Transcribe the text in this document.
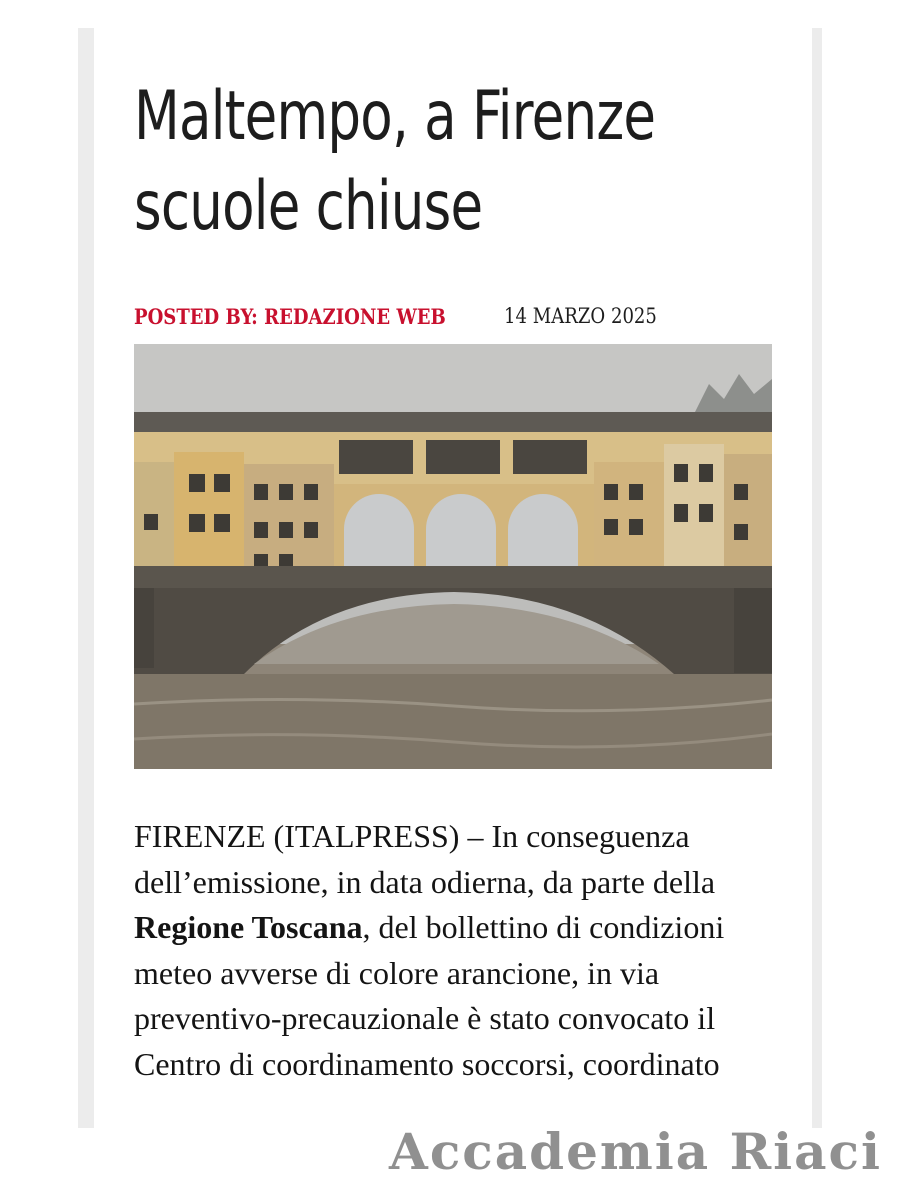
Maltempo, a Firenze scuole chiuse
POSTED BY: REDAZIONE WEB	14 MARZO 2025

FIRENZE (ITALPRESS) – In conseguenza dell’emissione, in data odierna, da parte della Regione Toscana, del bollettino di condizioni meteo avverse di colore arancione, in via preventivo-precauzionale è stato convocato il Centro di coordinamento soccorsi, coordinato

Accademia Riaci
